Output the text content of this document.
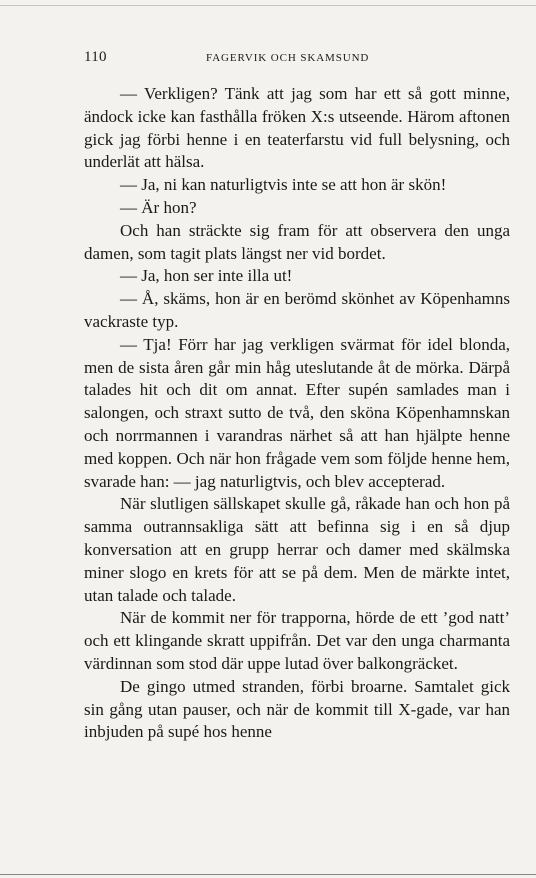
110	FAGERVIK OCH SKAMSUND

— Verkligen? Tänk att jag som har ett så gott minne, ändock icke kan fasthålla fröken X:s utseende. Härom aftonen gick jag förbi henne i en teaterfarstu vid full belysning, och underlät att hälsa.

— Ja, ni kan naturligtvis inte se att hon är skön!

— Är hon?

Och han sträckte sig fram för att observera den unga damen, som tagit plats längst ner vid bordet.

— Ja, hon ser inte illa ut!

— Å, skäms, hon är en berömd skönhet av Köpenhamns vackraste typ.

— Tja! Förr har jag verkligen svärmat för idel blonda, men de sista åren går min håg uteslutande åt de mörka. Därpå talades hit och dit om annat. Efter supén samlades man i salongen, och straxt sutto de två, den sköna Köpenhamnskan och norrmannen i varandras närhet så att han hjälpte henne med koppen. Och när hon frågade vem som följde henne hem, svarade han: — jag naturligtvis, och blev accepterad.

När slutligen sällskapet skulle gå, råkade han och hon på samma outrannsakliga sätt att befinna sig i en så djup konversation att en grupp herrar och damer med skälmska miner slogo en krets för att se på dem. Men de märkte intet, utan talade och talade.

När de kommit ner för trapporna, hörde de ett ’god natt’ och ett klingande skratt uppifrån. Det var den unga charmanta värdinnan som stod där uppe lutad över balkongräcket.

De gingo utmed stranden, förbi broarne. Samtalet gick sin gång utan pauser, och när de kommit till X-gade, var han inbjuden på supé hos henne
